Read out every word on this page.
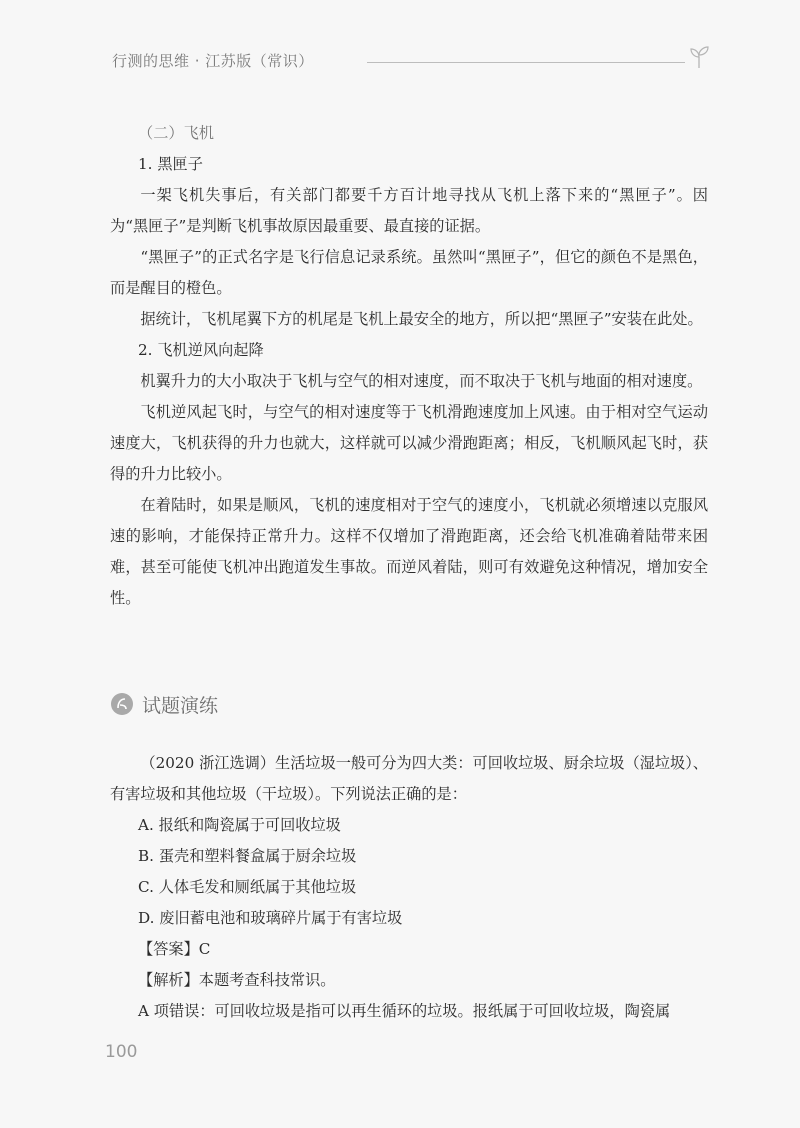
行测的思维 · 江苏版（常识）

（二）飞机

1. 黑匣子

一架飞机失事后，有关部门都要千方百计地寻找从飞机上落下来的“黑匣子”。因为“黑匣子”是判断飞机事故原因最重要、最直接的证据。

“黑匣子”的正式名字是飞行信息记录系统。虽然叫“黑匣子”，但它的颜色不是黑色，而是醒目的橙色。

据统计，飞机尾翼下方的机尾是飞机上最安全的地方，所以把“黑匣子”安装在此处。

2. 飞机逆风向起降

机翼升力的大小取决于飞机与空气的相对速度，而不取决于飞机与地面的相对速度。

飞机逆风起飞时，与空气的相对速度等于飞机滑跑速度加上风速。由于相对空气运动速度大，飞机获得的升力也就大，这样就可以减少滑跑距离；相反，飞机顺风起飞时，获得的升力比较小。

在着陆时，如果是顺风，飞机的速度相对于空气的速度小，飞机就必须增速以克服风速的影响，才能保持正常升力。这样不仅增加了滑跑距离，还会给飞机准确着陆带来困难，甚至可能使飞机冲出跑道发生事故。而逆风着陆，则可有效避免这种情况，增加安全性。

试题演练

（2020 浙江选调）生活垃圾一般可分为四大类：可回收垃圾、厨余垃圾（湿垃圾）、有害垃圾和其他垃圾（干垃圾）。下列说法正确的是：

A. 报纸和陶瓷属于可回收垃圾

B. 蛋壳和塑料餐盒属于厨余垃圾

C. 人体毛发和厕纸属于其他垃圾

D. 废旧蓄电池和玻璃碎片属于有害垃圾

【答案】C

【解析】本题考查科技常识。

A 项错误：可回收垃圾是指可以再生循环的垃圾。报纸属于可回收垃圾，陶瓷属

100
